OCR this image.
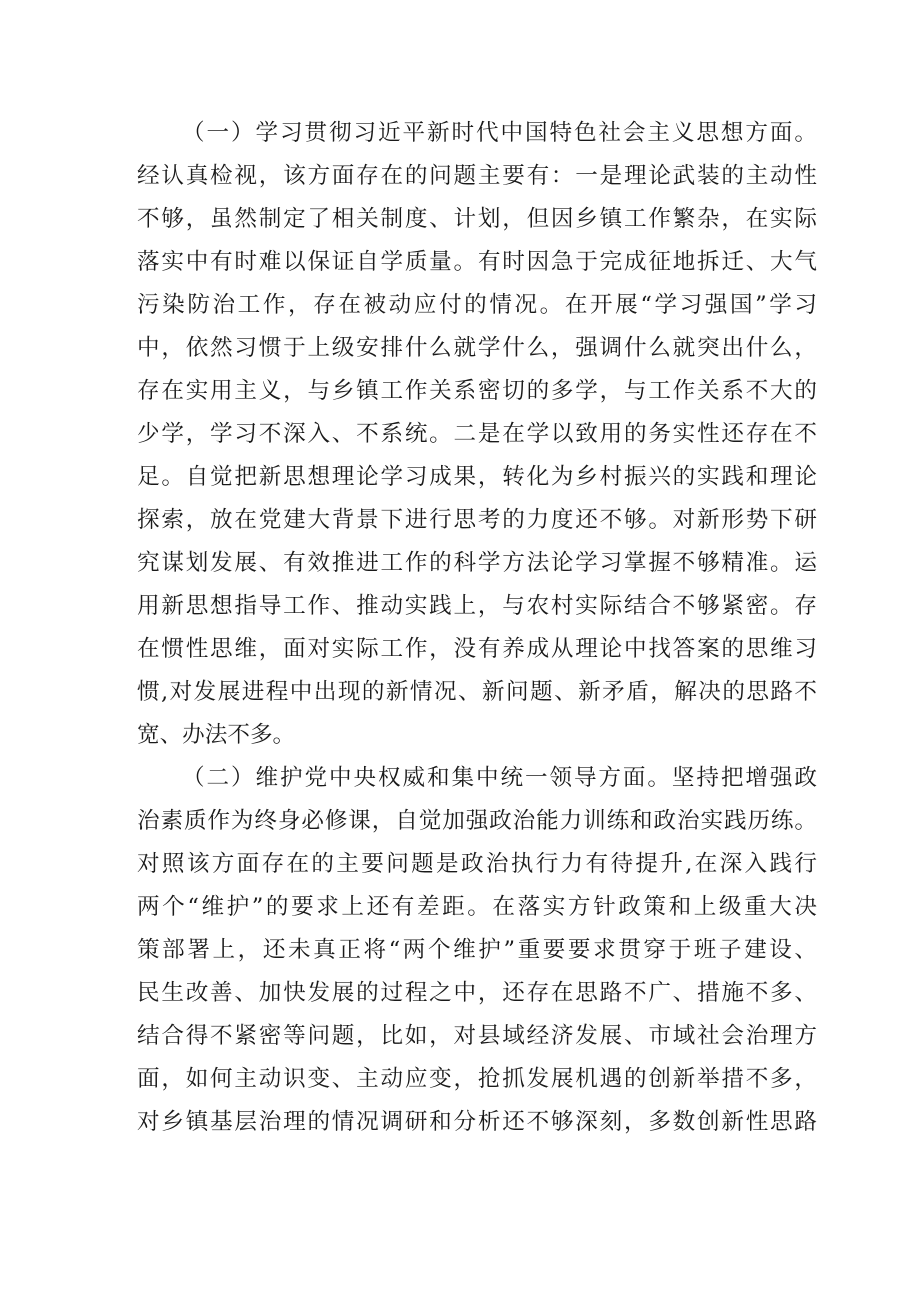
（一）学习贯彻习近平新时代中国特色社会主义思想方面。
经认真检视，该方面存在的问题主要有：一是理论武装的主动性
不够，虽然制定了相关制度、计划，但因乡镇工作繁杂，在实际
落实中有时难以保证自学质量。有时因急于完成征地拆迁、大气
污染防治工作，存在被动应付的情况。在开展“学习强国”学习
中，依然习惯于上级安排什么就学什么，强调什么就突出什么，
存在实用主义，与乡镇工作关系密切的多学，与工作关系不大的
少学，学习不深入、不系统。二是在学以致用的务实性还存在不
足。自觉把新思想理论学习成果，转化为乡村振兴的实践和理论
探索，放在党建大背景下进行思考的力度还不够。对新形势下研
究谋划发展、有效推进工作的科学方法论学习掌握不够精准。运
用新思想指导工作、推动实践上，与农村实际结合不够紧密。存
在惯性思维，面对实际工作，没有养成从理论中找答案的思维习
惯,对发展进程中出现的新情况、新问题、新矛盾，解决的思路不
宽、办法不多。
（二）维护党中央权威和集中统一领导方面。坚持把增强政
治素质作为终身必修课，自觉加强政治能力训练和政治实践历练。
对照该方面存在的主要问题是政治执行力有待提升,在深入践行
两个“维护”的要求上还有差距。在落实方针政策和上级重大决
策部署上，还未真正将“两个维护”重要要求贯穿于班子建设、
民生改善、加快发展的过程之中，还存在思路不广、措施不多、
结合得不紧密等问题，比如，对县域经济发展、市域社会治理方
面，如何主动识变、主动应变，抢抓发展机遇的创新举措不多，
对乡镇基层治理的情况调研和分析还不够深刻，多数创新性思路
